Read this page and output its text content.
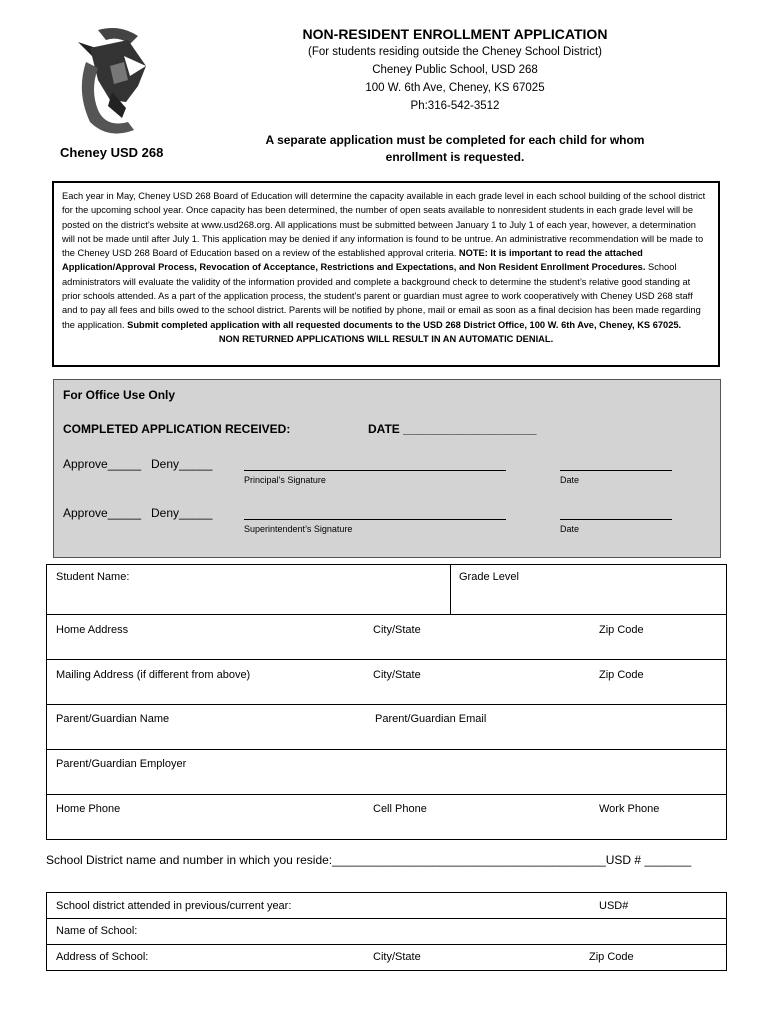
Cheney USD 268
NON-RESIDENT ENROLLMENT APPLICATION
(For students residing outside the Cheney School District)
Cheney Public School, USD 268
100 W. 6th Ave, Cheney, KS 67025
Ph:316-542-3512
A separate application must be completed for each child for whom enrollment is requested.
Each year in May, Cheney USD 268 Board of Education will determine the capacity available in each grade level in each school building of the school district for the upcoming school year. Once capacity has been determined, the number of open seats available to nonresident students in each grade level will be posted on the district’s website at www.usd268.org. All applications must be submitted between January 1 to July 1 of each year, however, a determination will not be made until after July 1. This application may be denied if any information is found to be untrue. An administrative recommendation will be made to the Cheney USD 268 Board of Education based on a review of the established approval criteria. NOTE: It is important to read the attached Application/Approval Process, Revocation of Acceptance, Restrictions and Expectations, and Non Resident Enrollment Procedures. School administrators will evaluate the validity of the information provided and complete a background check to determine the student’s relative good standing at prior schools attended. As a part of the application process, the student’s parent or guardian must agree to work cooperatively with Cheney USD 268 staff and to pay all fees and bills owed to the school district. Parents will be notified by phone, mail or email as soon as a final decision has been made regarding the application. Submit completed application with all requested documents to the USD 268 District Office, 100 W. 6th Ave, Cheney, KS 67025.
NON RETURNED APPLICATIONS WILL RESULT IN AN AUTOMATIC DENIAL.
For Office Use Only
COMPLETED APPLICATION RECEIVED:	DATE ____________________
Approve_____ Deny_____
Principal’s Signature	Date
Approve_____ Deny_____
Superintendent’s Signature	Date
Student Name:	Grade Level

Home Address	City/State	Zip Code

Mailing Address (if different from above)	City/State	Zip Code

Parent/Guardian Name	Parent/Guardian Email

Parent/Guardian Employer

Home Phone	Cell Phone	Work Phone
School District name and number in which you reside:_________________________________________USD # _______
School district attended in previous/current year:	USD#

Name of School:

Address of School:	City/State	Zip Code
